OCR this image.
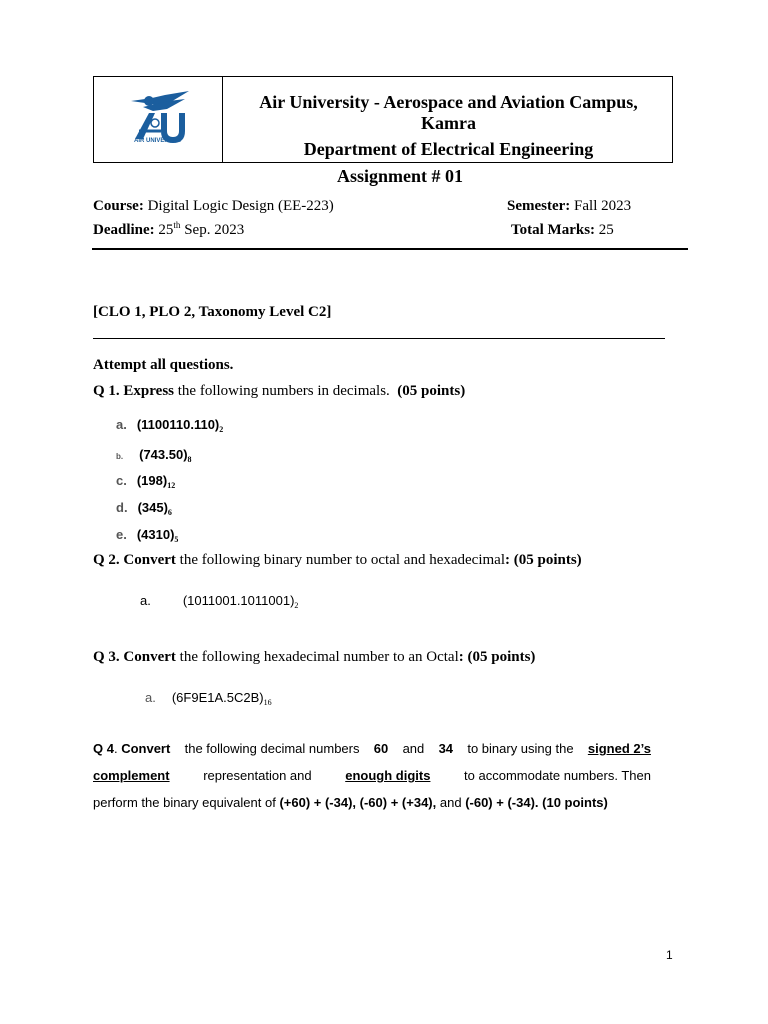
AIR UNIVERSITY
Air University - Aerospace and Aviation Campus,
Kamra
Department of Electrical Engineering
Assignment # 01
Course: Digital Logic Design (EE-223)	Semester: Fall 2023
Deadline: 25th Sep. 2023	Total Marks: 25
[CLO 1, PLO 2, Taxonomy Level C2]
Attempt all questions.
Q 1. Express the following numbers in decimals. (05 points)
a. $(1100110.110)_2$
b. $(743.50)_8$
c. $(198)_{12}$
d. $(345)_6$
e. $(4310)_5$
Q 2. Convert the following binary number to octal and hexadecimal: (05 points)
a. $(1011001.1011001)_2$
Q 3. Convert the following hexadecimal number to an Octal: (05 points)
a. $(6F9E1A.5C2B)_{16}$
Q 4. Convert the following decimal numbers 60 and 34 to binary using the signed 2’s
complement	representation and	enough digits	to accommodate numbers. Then
perform the binary equivalent of (+60) + (-34), (-60) + (+34), and (-60) + (-34). (10 points)
1
